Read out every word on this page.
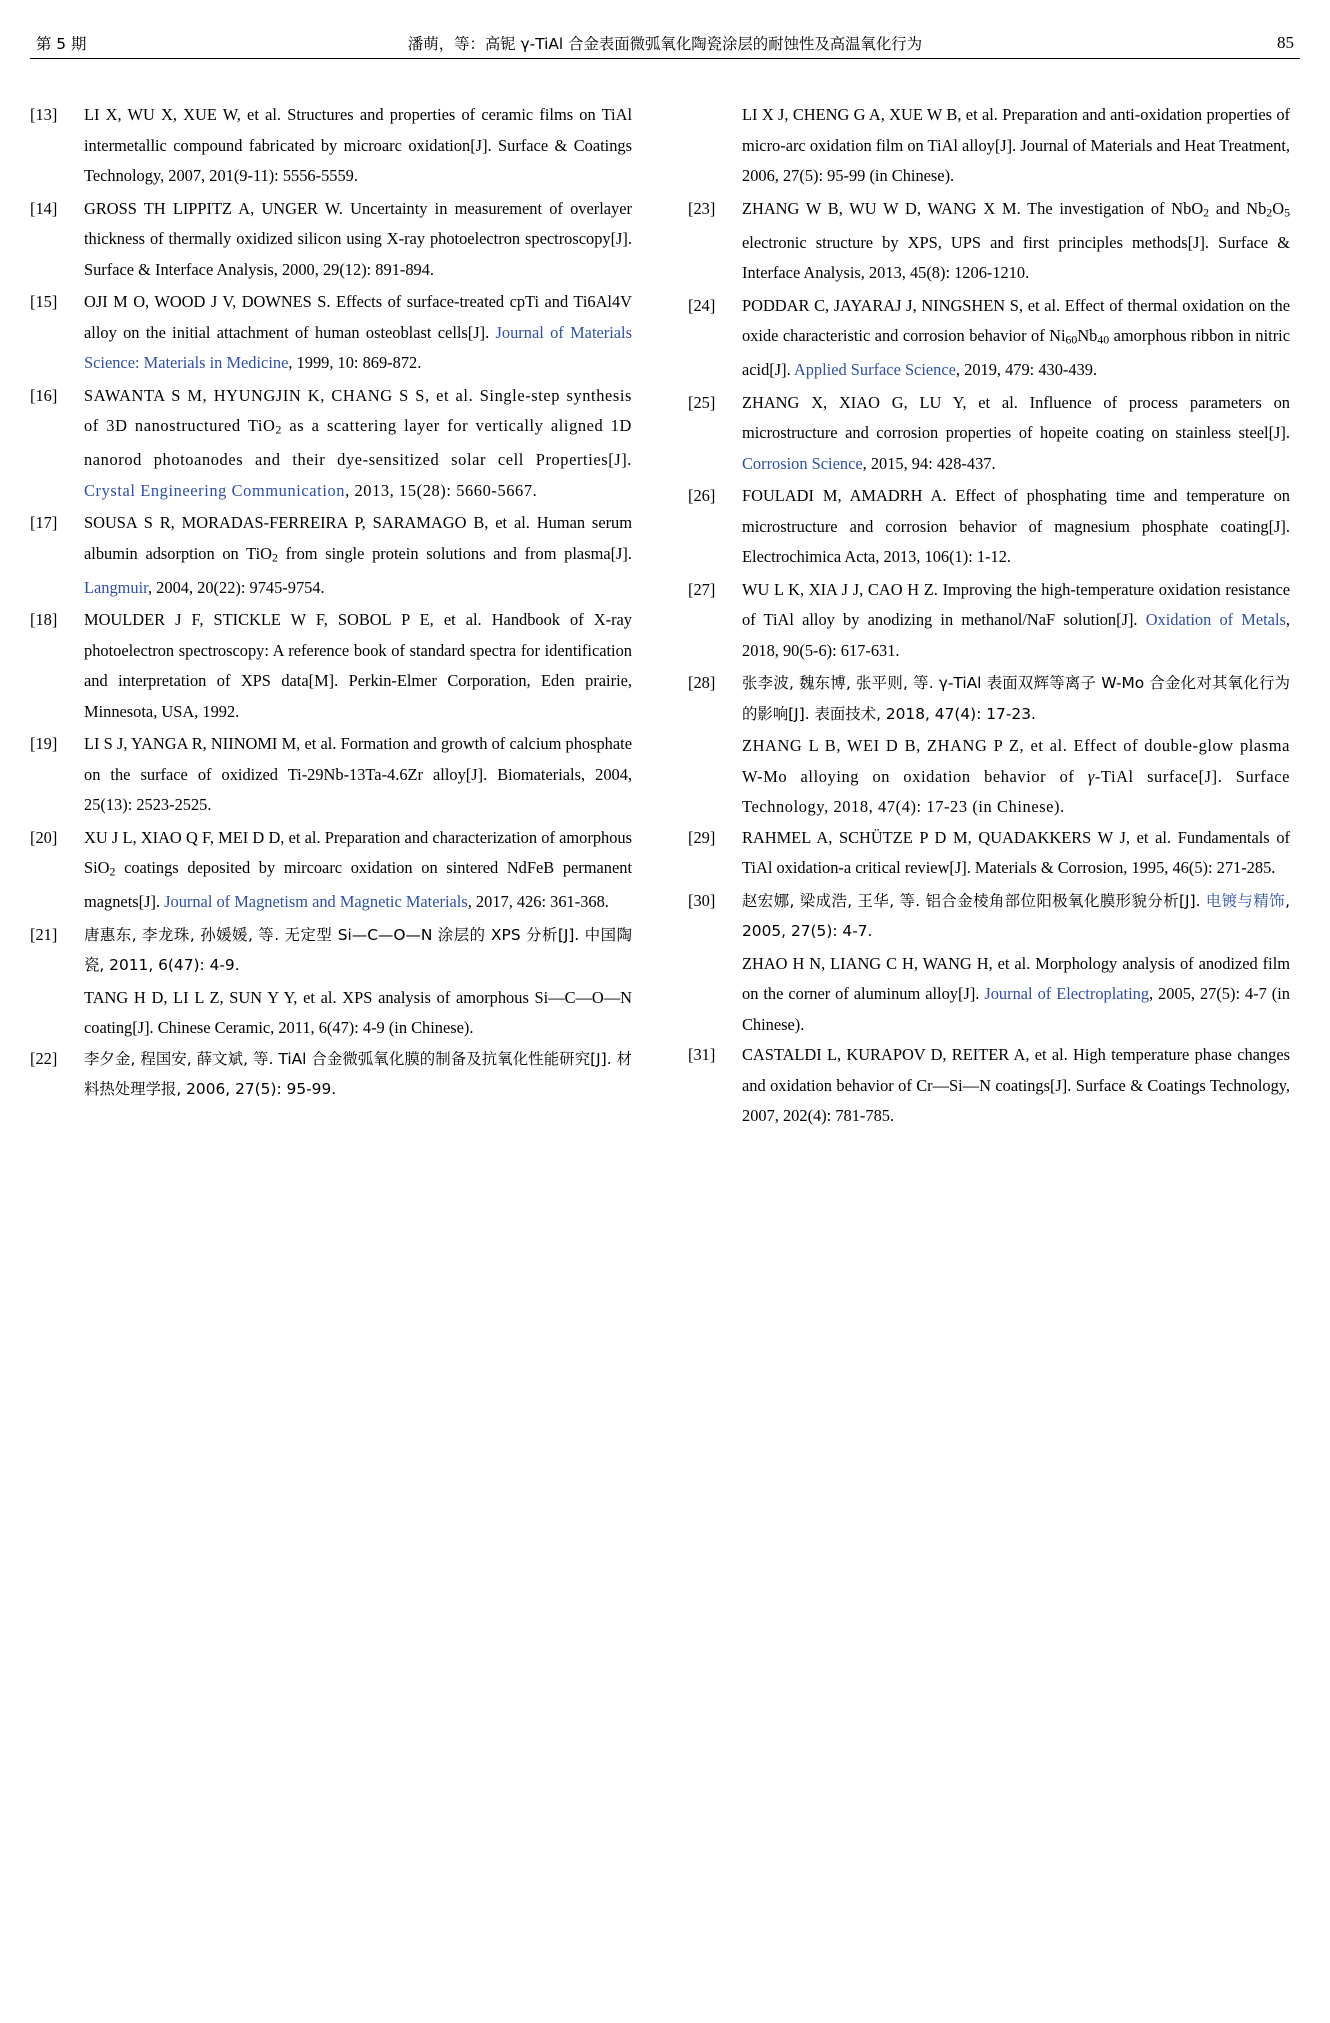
第 5 期	潘萌，等：高铌 γ-TiAl 合金表面微弧氧化陶瓷涂层的耐蚀性及高温氧化行为	85
[13]	LI X, WU X, XUE W, et al. Structures and properties of ceramic films on TiAl intermetallic compound fabricated by microarc oxidation[J]. Surface & Coatings Technology, 2007, 201(9-11): 5556-5559.
[14]	GROSS TH LIPPITZ A, UNGER W. Uncertainty in measurement of overlayer thickness of thermally oxidized silicon using X-ray photoelectron spectroscopy[J]. Surface & Interface Analysis, 2000, 29(12): 891-894.
[15]	OJI M O, WOOD J V, DOWNES S. Effects of surface-treated cpTi and Ti6Al4V alloy on the initial attachment of human osteoblast cells[J]. Journal of Materials Science: Materials in Medicine, 1999, 10: 869-872.
[16]	SAWANTA S M, HYUNGJIN K, CHANG S S, et al. Single-step synthesis of 3D nanostructured TiO$_2$ as a scattering layer for vertically aligned 1D nanorod photoanodes and their dye-sensitized solar cell Properties[J]. Crystal Engineering Communication, 2013, 15(28): 5660-5667.
[17]	SOUSA S R, MORADAS-FERREIRA P, SARAMAGO B, et al. Human serum albumin adsorption on TiO$_2$ from single protein solutions and from plasma[J]. Langmuir, 2004, 20(22): 9745-9754.
[18]	MOULDER J F, STICKLE W F, SOBOL P E, et al. Handbook of X-ray photoelectron spectroscopy: A reference book of standard spectra for identification and interpretation of XPS data[M]. Perkin-Elmer Corporation, Eden prairie, Minnesota, USA, 1992.
[19]	LI S J, YANGA R, NIINOMI M, et al. Formation and growth of calcium phosphate on the surface of oxidized Ti-29Nb-13Ta-4.6Zr alloy[J]. Biomaterials, 2004, 25(13): 2523-2525.
[20]	XU J L, XIAO Q F, MEI D D, et al. Preparation and characterization of amorphous SiO$_2$ coatings deposited by mircoarc oxidation on sintered NdFeB permanent magnets[J]. Journal of Magnetism and Magnetic Materials, 2017, 426: 361-368.
[21]	唐惠东, 李龙珠, 孙媛媛, 等. 无定型 Si—C—O—N 涂层的 XPS 分析[J]. 中国陶瓷, 2011, 6(47): 4-9.
TANG H D, LI L Z, SUN Y Y, et al. XPS analysis of amorphous Si—C—O—N coating[J]. Chinese Ceramic, 2011, 6(47): 4-9 (in Chinese).
[22]	李夕金, 程国安, 薛文斌, 等. TiAl 合金微弧氧化膜的制备及抗氧化性能研究[J]. 材料热处理学报, 2006, 27(5): 95-99.
LI X J, CHENG G A, XUE W B, et al. Preparation and anti-oxidation properties of micro-arc oxidation film on TiAl alloy[J]. Journal of Materials and Heat Treatment, 2006, 27(5): 95-99 (in Chinese).
[23]	ZHANG W B, WU W D, WANG X M. The investigation of NbO$_2$ and $Nb_2O_5$ electronic structure by XPS, UPS and first principles methods[J]. Surface & Interface Analysis, 2013, 45(8): 1206-1210.
[24]	PODDAR C, JAYARAJ J, NINGSHEN S, et al. Effect of thermal oxidation on the oxide characteristic and corrosion behavior of $Ni_{60}Nb_{40}$ amorphous ribbon in nitric acid[J]. Applied Surface Science, 2019, 479: 430-439.
[25]	ZHANG X, XIAO G, LU Y, et al. Influence of process parameters on microstructure and corrosion properties of hopeite coating on stainless steel[J]. Corrosion Science, 2015, 94: 428-437.
[26]	FOULADI M, AMADRH A. Effect of phosphating time and temperature on microstructure and corrosion behavior of magnesium phosphate coating[J]. Electrochimica Acta, 2013, 106(1): 1-12.
[27]	WU L K, XIA J J, CAO H Z. Improving the high-temperature oxidation resistance of TiAl alloy by anodizing in methanol/NaF solution[J]. Oxidation of Metals, 2018, 90(5-6): 617-631.
[28]	张李波, 魏东博, 张平则, 等. γ-TiAl 表面双辉等离子 W-Mo 合金化对其氧化行为的影响[J]. 表面技术, 2018, 47(4): 17-23.
ZHANG L B, WEI D B, ZHANG P Z, et al. Effect of double-glow plasma W-Mo alloying on oxidation behavior of γ-TiAl surface[J]. Surface Technology, 2018, 47(4): 17-23 (in Chinese).
[29]	RAHMEL A, SCHÜTZE P D M, QUADAKKERS W J, et al. Fundamentals of TiAl oxidation-a critical review[J]. Materials & Corrosion, 1995, 46(5): 271-285.
[30]	赵宏娜, 梁成浩, 王华, 等. 铝合金棱角部位阳极氧化膜形貌分析[J]. 电镀与精饰, 2005, 27(5): 4-7.
ZHAO H N, LIANG C H, WANG H, et al. Morphology analysis of anodized film on the corner of aluminum alloy[J]. Journal of Electroplating, 2005, 27(5): 4-7 (in Chinese).
[31]	CASTALDI L, KURAPOV D, REITER A, et al. High temperature phase changes and oxidation behavior of Cr—Si—N coatings[J]. Surface & Coatings Technology, 2007, 202(4): 781-785.
